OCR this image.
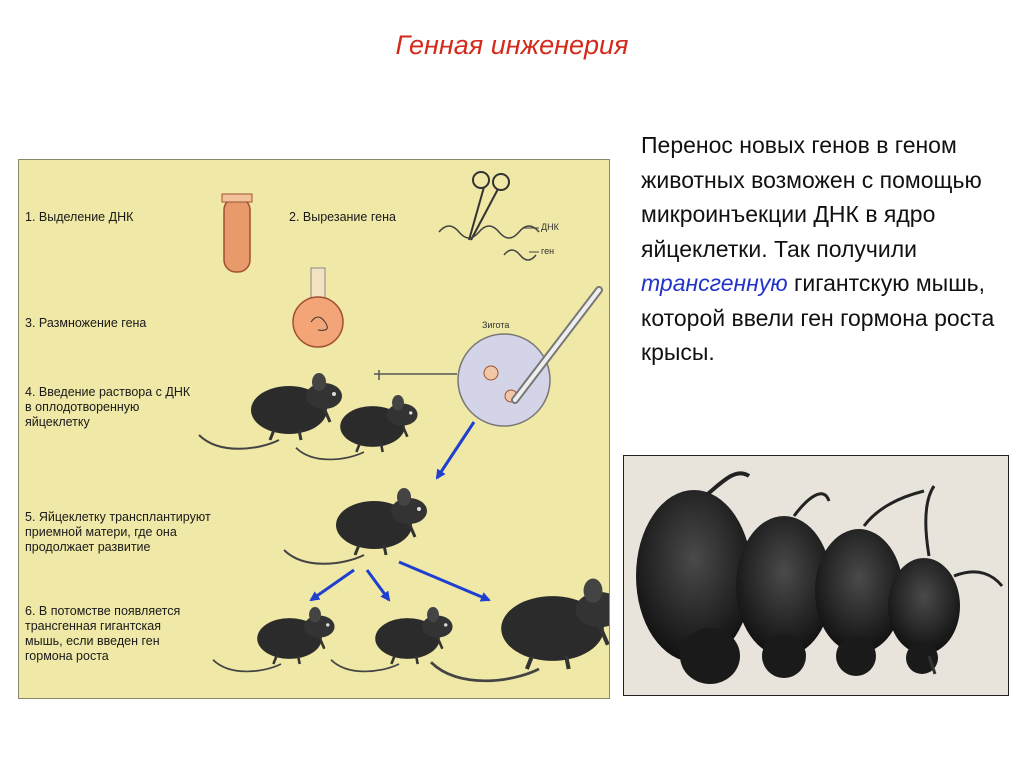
Генная инженерия
Перенос новых генов в геном животных возможен с помощью микроинъекции ДНК в ядро яйцеклетки. Так получили трансгенную гигантскую мышь, которой ввели ген гормона роста крысы.
ДНК
ген
Зигота
1. Выделение ДНК	2. Вырезание гена
3. Размножение гена
4. Введение раствора с ДНК в оплодотворенную яйцеклетку
5. Яйцеклетку трансплантируют приемной матери, где она продолжает развитие
6. В потомстве появляется трансгенная гигантская мышь, если введен ген гормона роста
